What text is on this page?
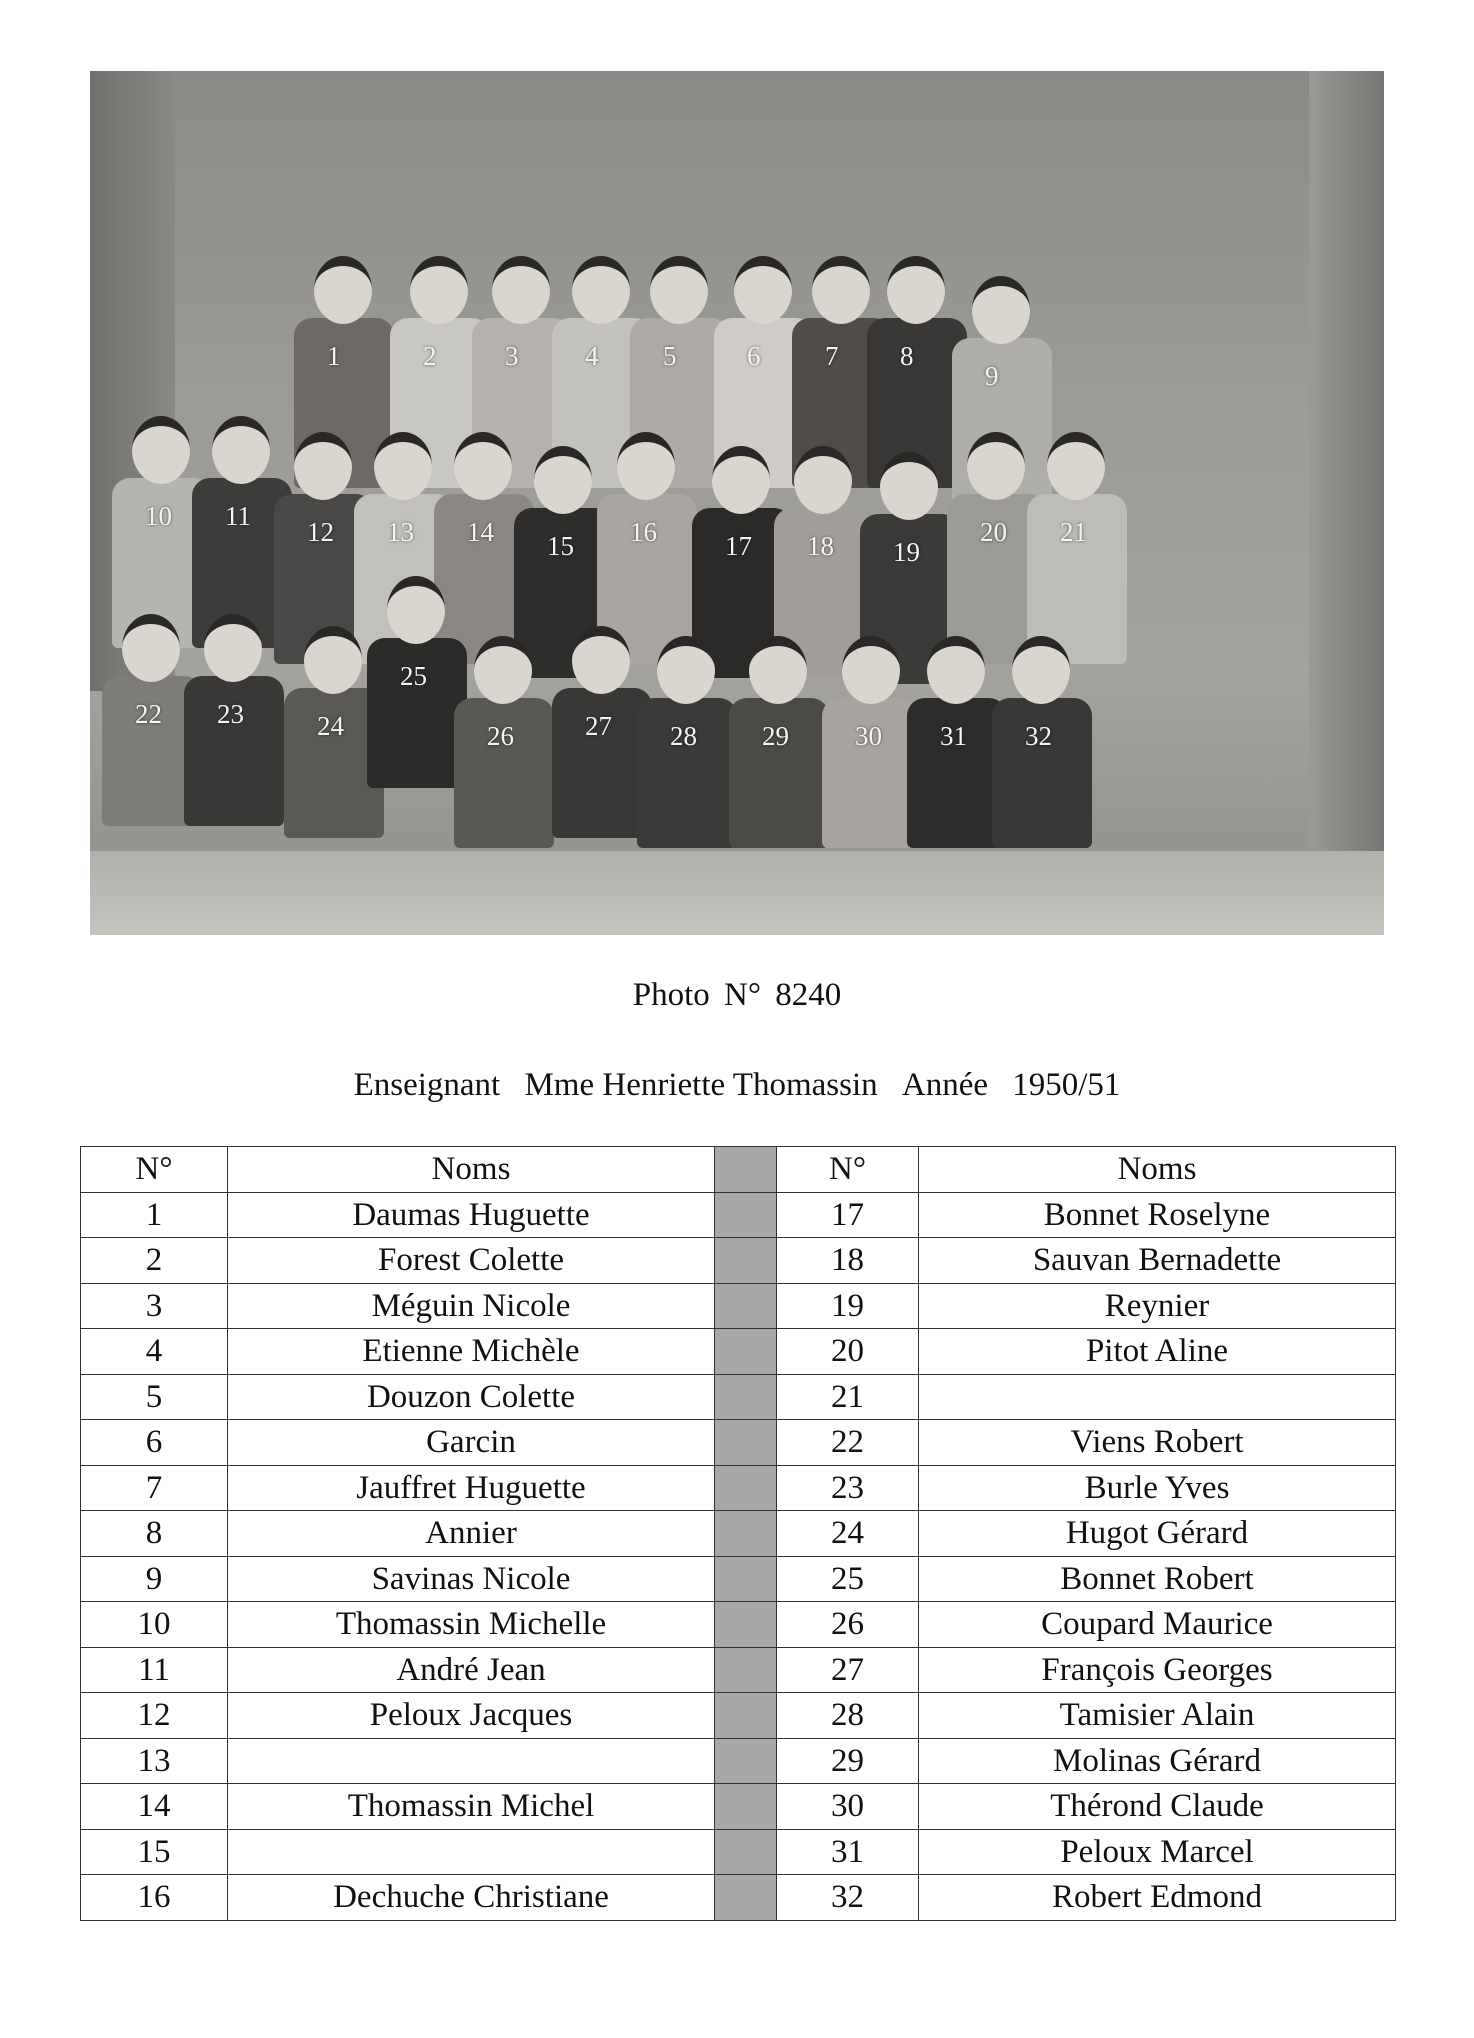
1	2	3 4 5	6 7 8
9
10 11
12 13 14 15 16	17 18 19
20 21
22 23	24
25
26	27 28 29 30 31 32
Photo N° 8240
Enseignant Mme Henriette Thomassin Année 1950/51
N°	Noms		N°	Noms
1	Daumas Huguette		17	Bonnet Roselyne
2	Forest Colette		18	Sauvan Bernadette
3	Méguin Nicole		19	Reynier
4	Etienne Michèle		20	Pitot Aline
5	Douzon Colette		21	
6	Garcin		22	Viens Robert
7	Jauffret Huguette		23	Burle Yves
8	Annier		24	Hugot Gérard
9	Savinas Nicole		25	Bonnet Robert
10	Thomassin Michelle		26	Coupard Maurice
11	André Jean		27	François Georges
12	Peloux Jacques		28	Tamisier Alain
13			29	Molinas Gérard
14	Thomassin Michel		30	Thérond Claude
15			31	Peloux Marcel
16	Dechuche Christiane		32	Robert Edmond
